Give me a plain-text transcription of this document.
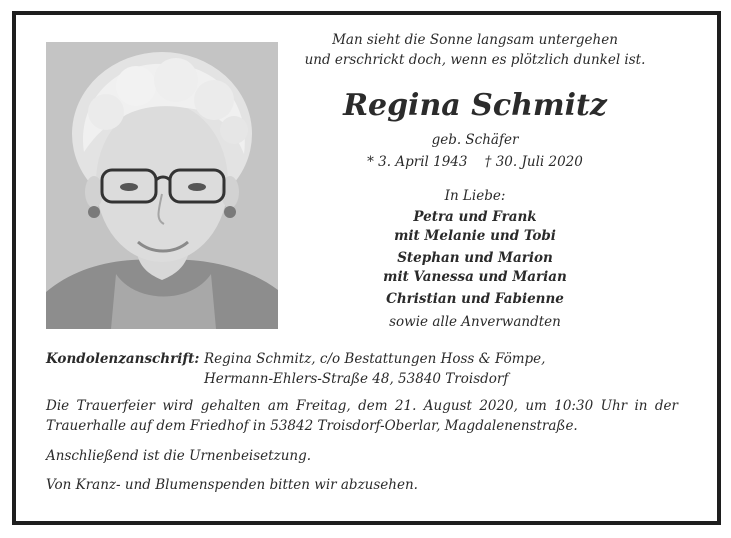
Man sieht die Sonne langsam untergehen
und erschrickt doch, wenn es plötzlich dunkel ist.
Regina Schmitz
geb. Schäfer
* 3. April 1943 † 30. Juli 2020
In Liebe:
Petra und Frank
mit Melanie und Tobi
Stephan und Marion
mit Vanessa und Marian
Christian und Fabienne
sowie alle Anverwandten
Kondolenzanschrift: Regina Schmitz, c/o Bestattungen Hoss & Fömpe,
Hermann-Ehlers-Straße 48, 53840 Troisdorf
Die Trauerfeier wird gehalten am Freitag, dem 21. August 2020, um 10:30 Uhr in der Trauerhalle auf dem Friedhof in 53842 Troisdorf-Oberlar, Magdalenenstraße.
Anschließend ist die Urnenbeisetzung.
Von Kranz- und Blumenspenden bitten wir abzusehen.
